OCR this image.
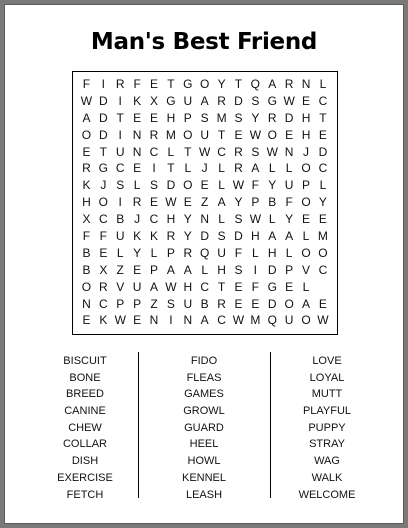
Man's Best Friend
F I R F E T G O Y T Q A R N L
W D I K X G U A R D S G W E C
A D T E E H P S M S Y R D H T
O D I N R M O U T E W O E H E
E T U N C L T W C R S W N J D
R G C E I T L J L R A L L O C
K J S L S D O E L W F Y U P L
H O I R E W E Z A Y P B F O Y
X C B J C H Y N L S W L Y E E
F F U K K R Y D S D H A A L M
B E L Y L P R Q U F L H L O O
B X Z E P A A L H S I D P V C
O R V U A W H C T E F G E L
N C P P Z S U B R E E D O A E
E K W E N I N A C W M Q U O W
BISCUIT
BONE
BREED
CANINE
CHEW
COLLAR
DISH
EXERCISE
FETCH
FIDO
FLEAS
GAMES
GROWL
GUARD
HEEL
HOWL
KENNEL
LEASH
LOVE
LOYAL
MUTT
PLAYFUL
PUPPY
STRAY
WAG
WALK
WELCOME
